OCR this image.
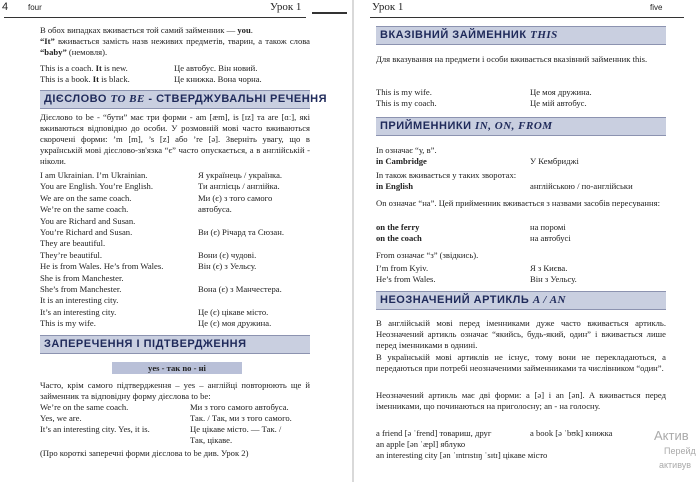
4 four	Урок 1
В обох випадках вживається той самий займенник — you.
“It” вживається замість назв неживих предметів, тварин, а також слова “baby” (немовля).
This is a coach. It is new.	Це автобус. Він новий.
This is a book. It is black.	Це книжка. Вона чорна.
ДІЄСЛОВО TO BE - СТВЕРДЖУВАЛЬНІ РЕЧЕННЯ
Дієслово to be - “бути” має три форми - am [æm], is [ɪz] та are [ɑː], які вживаються відповідно до особи. У розмовній мові часто вживаються скорочені форми: ’m [m], ’s [z] або ’re [ə]. Зверніть увагу, що в українській мові дієслово-зв'язка “є” часто опускається, а в англійській - ніколи.
ЗАПЕРЕЧЕННЯ І ПІДТВЕРДЖЕННЯ
yes - так no - ні
Часто, крім самого підтвердження – yes – англійці повторюють ще й займенник та відповідну форму дієслова to be:
(Про короткі заперечні форми дієслова to be див. Урок 2)
I am Ukrainian. I’m Ukrainian.	Я українець / українка.
You are English. You’re English.	Ти англієць / англійка.
We are on the same coach.	Ми (є) з того самого
We’re on the same coach.	автобуса.
You are Richard and Susan.
You’re Richard and Susan.	Ви (є) Річард та Сюзан.
They are beautiful.
They’re beautiful.	Вони (є) чудові.
He is from Wales. He’s from Wales.	Він (є) з Уельсу.
She is from Manchester.
She’s from Manchester.	Вона (є) з Манчестера.
It is an interesting city.
It’s an interesting city.	Це (є) цікаве місто.
This is my wife.	Це (є) моя дружина.
We’re on the same coach.	Ми з того самого автобуса.
Yes, we are.	Так. / Так, ми з того самого.
It’s an interesting city. Yes, it is.	Це цікаве місто. — Так. /
Так, цікаве.
Урок 1	five
ВКАЗІВНИЙ ЗАЙМЕННИК THIS
Для вказування на предмети і особи вживається вказівний займенник this.
ПРИЙМЕННИКИ IN, ON, FROM
In означає “у, в”.
in Cambridge	У Кембриджі
In також вживається у таких зворотах:
in English	англійською / по-англійськи
On означає “на”. Цей прийменник вживається з назвами засобів пересування:
on the ferry	на поромі
on the coach	на автобусі
From означає “з” (звідкись).
I’m from Kyiv.	Я з Києва.
He’s from Wales.	Він з Уельсу.
НЕОЗНАЧЕНИЙ АРТИКЛЬ A / AN
В англійській мові перед іменниками дуже часто вживається артикль. Неозначений артикль означає “якийсь, будь-який, один” і вживається лише перед іменниками в однині.
В українській мові артиклів не існує, тому вони не перекладаються, а передаються при потребі неозначеними займенниками та числівником “один”.
Неозначений артикль має дві форми: a [ə] і an [ən]. A вживається перед іменниками, що починаються на приголосну; an - на голосну.
a friend [ə ˈfrend] товариш, друг	a book [ə ˈbʊk] книжка
an apple [ən ˈæpl] яблуко
an interesting city [ən ˈɪntrɪstɪŋ ˈsɪtɪ] цікаве місто
Актив
Перейд
активув
This is my wife.	Це моя дружина.
This is my coach.	Це мій автобус.
